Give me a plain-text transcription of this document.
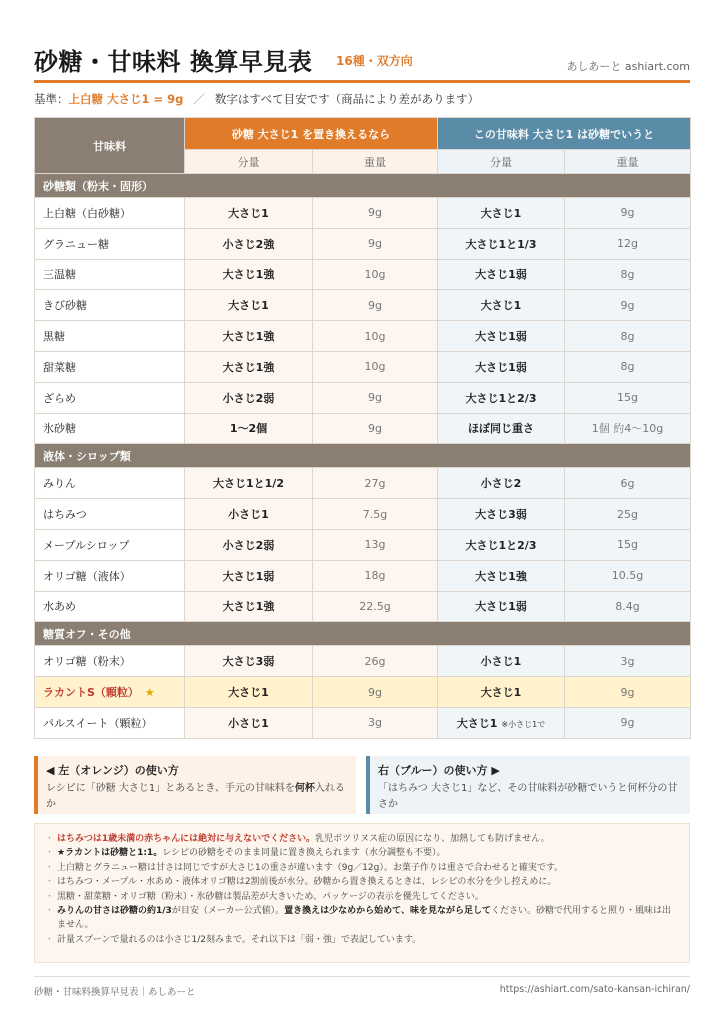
砂糖・甘味料 換算早見表 16種・双方向	あしあーと ashiart.com
基準：上白糖 大さじ1 = 9g ／ 数字はすべて目安です（商品により差があります）
甘味料	砂糖 大さじ1 を置き換えるなら		この甘味料 大さじ1 は砂糖でいうと	
	分量	重量	分量	重量
砂糖類（粉末・固形）				
上白糖（白砂糖）	大さじ1	9g	大さじ1	9g
グラニュー糖	小さじ2強	9g	大さじ1と1/3	12g
三温糖	大さじ1強	10g	大さじ1弱	8g
きび砂糖	大さじ1	9g	大さじ1	9g
黒糖	大さじ1強	10g	大さじ1弱	8g
甜菜糖	大さじ1強	10g	大さじ1弱	8g
ざらめ	小さじ2弱	9g	大さじ1と2/3	15g
氷砂糖	1〜2個	9g	ほぼ同じ重さ	1個 約4〜10g
液体・シロップ類				
みりん	大さじ1と1/2	27g	小さじ2	6g
はちみつ	小さじ1	7.5g	大さじ3弱	25g
メープルシロップ	小さじ2弱	13g	大さじ1と2/3	15g
オリゴ糖（液体）	大さじ1弱	18g	大さじ1強	10.5g
水あめ	大さじ1強	22.5g	大さじ1弱	8.4g
糖質オフ・その他				
オリゴ糖（粉末）	大さじ3弱	26g	小さじ1	3g
ラカントS（顆粒） ★	大さじ1	9g	大さじ1	9g
パルスイート（顆粒）	小さじ1	3g	大さじ1 ※小さじ1で	9g
◀ 左（オレンジ）の使い方
レシピに「砂糖 大さじ1」とあるとき、手元の甘味料を何杯入れるか
右（ブルー）の使い方 ▶
「はちみつ 大さじ1」など、その甘味料が砂糖でいうと何杯分の甘さか
・ はちみつは1歳未満の赤ちゃんには絶対に与えないでください。乳児ボツリヌス症の原因になり、加熱しても防げません。
・ ★ラカントは砂糖と1:1。レシピの砂糖をそのまま同量に置き換えられます（水分調整も不要）。
・ 上白糖とグラニュー糖は甘さは同じですが大さじ1の重さが違います（9g／12g）。お菓子作りは重さで合わせると確実です。
・ はちみつ・メープル・水あめ・液体オリゴ糖は2割前後が水分。砂糖から置き換えるときは、レシピの水分を少し控えめに。
・ 黒糖・甜菜糖・オリゴ糖（粉末）・氷砂糖は製品差が大きいため、パッケージの表示を優先してください。
・ みりんの甘さは砂糖の約1/3が目安（メーカー公式値）。置き換えは少なめから始めて、味を見ながら足してください。砂糖で代用すると照り・風味は出ません。
・ 計量スプーンで量れるのは小さじ1/2刻みまで。それ以下は「弱・強」で表記しています。
砂糖・甘味料換算早見表｜あしあーと	https://ashiart.com/sato-kansan-ichiran/
